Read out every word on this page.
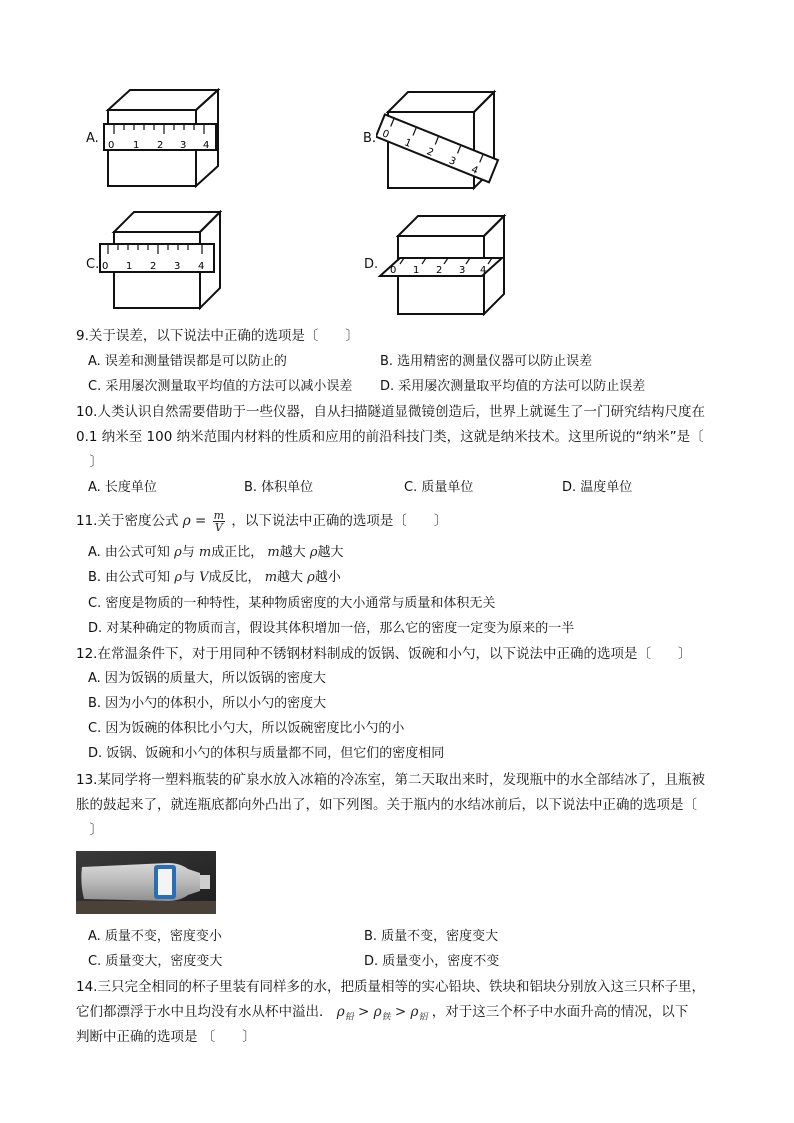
A. 0 1 2 3 4	B. 0
1
2
3
4
C. 0 1 2 3 4	D. 0 1 2 3 4
9.关于误差，以下说法中正确的选项是〔　　〕
A. 误差和测量错误都是可以防止的	B. 选用精密的测量仪器可以防止误差
C. 采用屡次测量取平均值的方法可以减小误差 D. 采用屡次测量取平均值的方法可以防止误差
10.人类认识自然需要借助于一些仪器，自从扫描隧道显微镜创造后，世界上就诞生了一门研究结构尺度在
0.1 纳米至 100 纳米范围内材料的性质和应用的前沿科技门类，这就是纳米技术。这里所说的“纳米”是〔
　〕
A. 长度单位	B. 体积单位	C. 质量单位	D. 温度单位
11.关于密度公式 $\rho = \frac{m}{V}$ ，以下说法中正确的选项是〔　　〕
A. 由公式可知 ρ与 m成正比， m越大 ρ越大
B. 由公式可知 ρ与 V成反比， m越大 ρ越小
C. 密度是物质的一种特性，某种物质密度的大小通常与质量和体积无关
D. 对某种确定的物质而言，假设其体积增加一倍，那么它的密度一定变为原来的一半
12.在常温条件下，对于用同种不锈钢材料制成的饭锅、饭碗和小勺，以下说法中正确的选项是〔　　〕
A. 因为饭锅的质量大，所以饭锅的密度大
B. 因为小勺的体积小，所以小勺的密度大
C. 因为饭碗的体积比小勺大，所以饭碗密度比小勺的小
D. 饭锅、饭碗和小勺的体积与质量都不同，但它们的密度相同
13.某同学将一塑料瓶装的矿泉水放入冰箱的冷冻室，第二天取出来时，发现瓶中的水全部结冰了，且瓶被
胀的鼓起来了，就连瓶底都向外凸出了，如下列图。关于瓶内的水结冰前后，以下说法中正确的选项是〔
　〕
A. 质量不变，密度变小	B. 质量不变，密度变大
C. 质量变大，密度变大	D. 质量变小，密度不变
14.三只完全相同的杯子里装有同样多的水，把质量相等的实心铅块、铁块和铝块分别放入这三只杯子里，
它们都漂浮于水中且均没有水从杯中溢出． $\rho_铅 > \rho_铁 > \rho_铝$ ，对于这三个杯子中水面升高的情况，以下
判断中正确的选项是 〔　　〕
